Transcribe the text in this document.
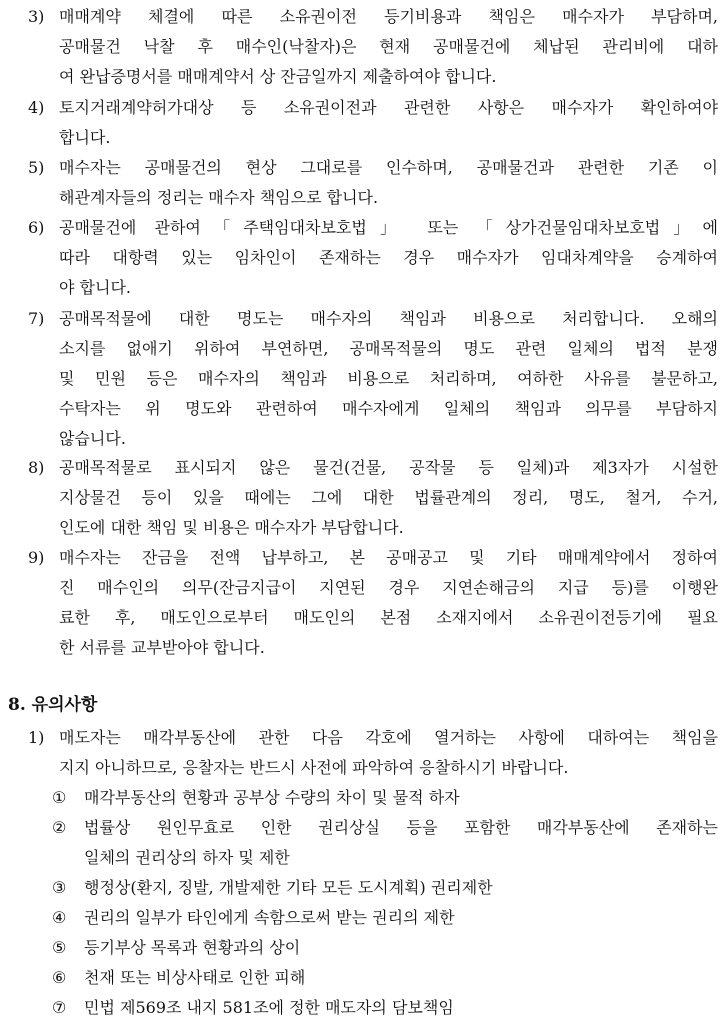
3) 매매계약 체결에 따른 소유권이전 등기비용과 책임은 매수자가 부담하며,
공매물건 낙찰 후 매수인(낙찰자)은 현재 공매물건에 체납된 관리비에 대하
여 완납증명서를 매매계약서 상 잔금일까지 제출하여야 합니다.
4) 토지거래계약허가대상 등 소유권이전과 관련한 사항은 매수자가 확인하여야
합니다.
5) 매수자는 공매물건의 현상 그대로를 인수하며, 공매물건과 관련한 기존 이
해관계자들의 정리는 매수자 책임으로 합니다.
6) 공매물건에 관하여「주택임대차보호법」 또는 「상가건물임대차보호법」에
따라 대항력 있는 임차인이 존재하는 경우 매수자가 임대차계약을 승계하여
야 합니다.
7) 공매목적물에 대한 명도는 매수자의 책임과 비용으로 처리합니다. 오해의
소지를 없애기 위하여 부연하면, 공매목적물의 명도 관련 일체의 법적 분쟁
및 민원 등은 매수자의 책임과 비용으로 처리하며, 여하한 사유를 불문하고,
수탁자는 위 명도와 관련하여 매수자에게 일체의 책임과 의무를 부담하지
않습니다.
8) 공매목적물로 표시되지 않은 물건(건물, 공작물 등 일체)과 제3자가 시설한
지상물건 등이 있을 때에는 그에 대한 법률관계의 정리, 명도, 철거, 수거,
인도에 대한 책임 및 비용은 매수자가 부담합니다.
9) 매수자는 잔금을 전액 납부하고, 본 공매공고 및 기타 매매계약에서 정하여
진 매수인의 의무(잔금지급이 지연된 경우 지연손해금의 지급 등)를 이행완
료한 후, 매도인으로부터 매도인의 본점 소재지에서 소유권이전등기에 필요
한 서류를 교부받아야 합니다.
8. 유의사항
1) 매도자는 매각부동산에 관한 다음 각호에 열거하는 사항에 대하여는 책임을
지지 아니하므로, 응찰자는 반드시 사전에 파악하여 응찰하시기 바랍니다.
①	매각부동산의 현황과 공부상 수량의 차이 및 물적 하자
②	법률상 원인무효로 인한 권리상실 등을 포함한 매각부동산에 존재하는
일체의 권리상의 하자 및 제한
③	행정상(환지, 징발, 개발제한 기타 모든 도시계획) 권리제한
④	권리의 일부가 타인에게 속함으로써 받는 권리의 제한
⑤	등기부상 목록과 현황과의 상이
⑥	천재 또는 비상사태로 인한 피해
⑦	민법 제569조 내지 581조에 정한 매도자의 담보책임
